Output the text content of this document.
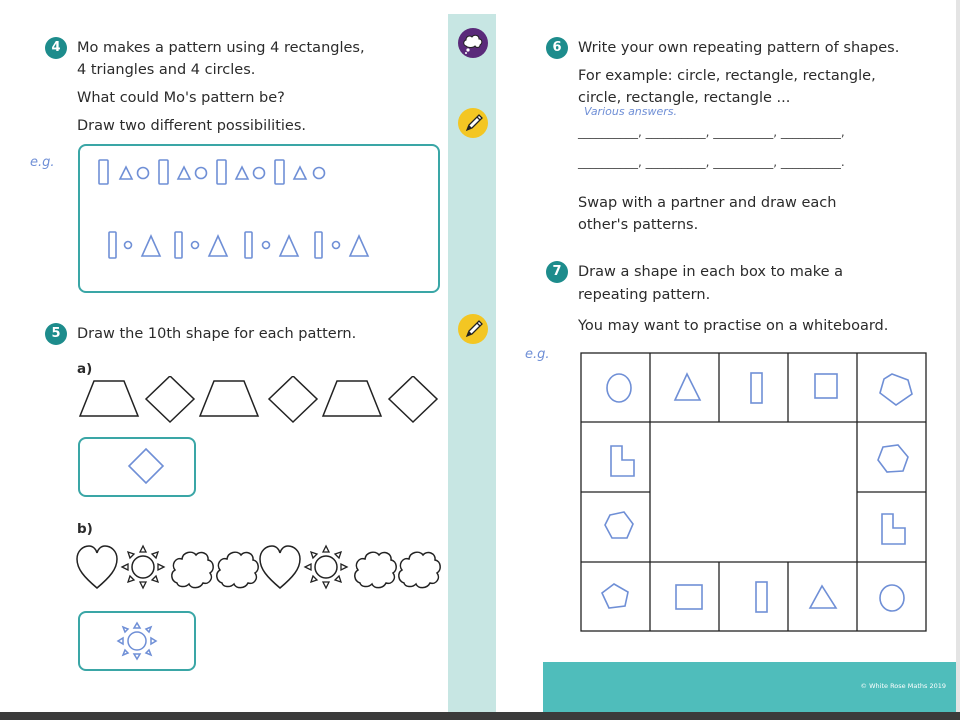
4	Mo makes a pattern using 4 rectangles,
4 triangles and 4 circles.
What could Mo's pattern be?
Draw two different possibilities.
e.g.
5	Draw the 10th shape for each pattern.
a)
b)
6	Write your own repeating pattern of shapes.
For example: circle, rectangle, rectangle,
circle, rectangle, rectangle ...
Various answers.
__________, __________, __________, __________,
__________, __________, __________, __________.
Swap with a partner and draw each
other's patterns.
7	Draw a shape in each box to make a
repeating pattern.
You may want to practise on a whiteboard.
e.g.
© White Rose Maths 2019
